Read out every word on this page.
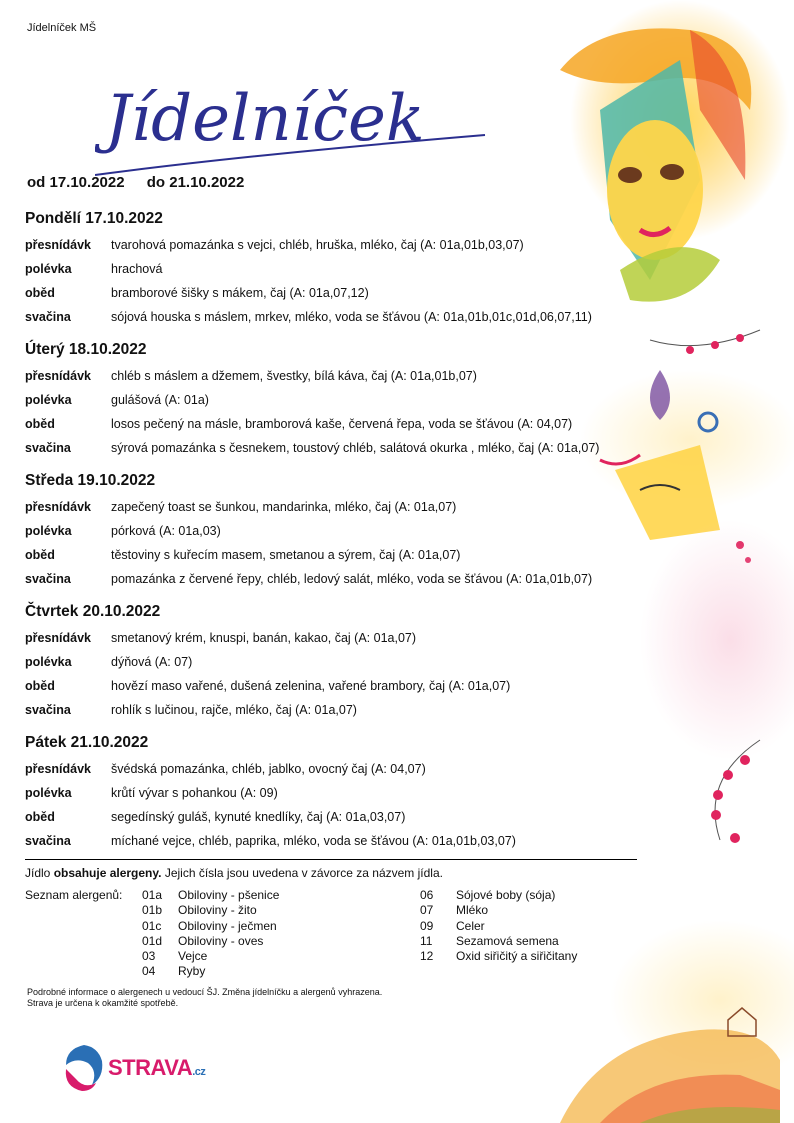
Jídelníček MŠ
Jídelníček
od 17.10.2022 do 21.10.2022
Pondělí 17.10.2022
přesnídávk	tvarohová pomazánka s vejci, chléb, hruška, mléko, čaj (A: 01a,01b,03,07)
polévka	hrachová
oběd	bramborové šišky s mákem, čaj (A: 01a,07,12)
svačina	sójová houska s máslem, mrkev, mléko, voda se šťávou (A: 01a,01b,01c,01d,06,07,11)
Úterý 18.10.2022
přesnídávk	chléb s máslem a džemem, švestky, bílá káva, čaj (A: 01a,01b,07)
polévka	gulášová (A: 01a)
oběd	losos pečený na másle, bramborová kaše, červená řepa, voda se šťávou (A: 04,07)
svačina	sýrová pomazánka s česnekem, toustový chléb, salátová okurka , mléko, čaj (A: 01a,07)
Středa 19.10.2022
přesnídávk	zapečený toast se šunkou, mandarinka, mléko, čaj (A: 01a,07)
polévka	pórková (A: 01a,03)
oběd	těstoviny s kuřecím masem, smetanou a sýrem, čaj (A: 01a,07)
svačina	pomazánka z červené řepy, chléb, ledový salát, mléko, voda se šťávou (A: 01a,01b,07)
Čtvrtek 20.10.2022
přesnídávk	smetanový krém, knuspi, banán, kakao, čaj (A: 01a,07)
polévka	dýňová (A: 07)
oběd	hovězí maso vařené, dušená zelenina, vařené brambory, čaj (A: 01a,07)
svačina	rohlík s lučinou, rajče, mléko, čaj (A: 01a,07)
Pátek 21.10.2022
přesnídávk	švédská pomazánka, chléb, jablko, ovocný čaj (A: 04,07)
polévka	krůtí vývar s pohankou (A: 09)
oběd	segedínský guláš, kynuté knedlíky, čaj (A: 01a,03,07)
svačina	míchané vejce, chléb, paprika, mléko, voda se šťávou (A: 01a,01b,03,07)
Jídlo obsahuje alergeny. Jejich čísla jsou uvedena v závorce za názvem jídla.
Seznam alergenů: 01a	Obiloviny - pšenice
01b	Obiloviny - žito
01c	Obiloviny - ječmen
01d	Obiloviny - oves
03	Vejce
04	Ryby
06	Sójové boby (sója)
07	Mléko
09	Celer
11	Sezamová semena
12	Oxid siřičitý a siřičitany
Podrobné informace o alergenech u vedoucí ŠJ. Změna jídelníčku a alergenů vyhrazena.
Strava je určena k okamžité spotřebě.
STRAVA.cz
